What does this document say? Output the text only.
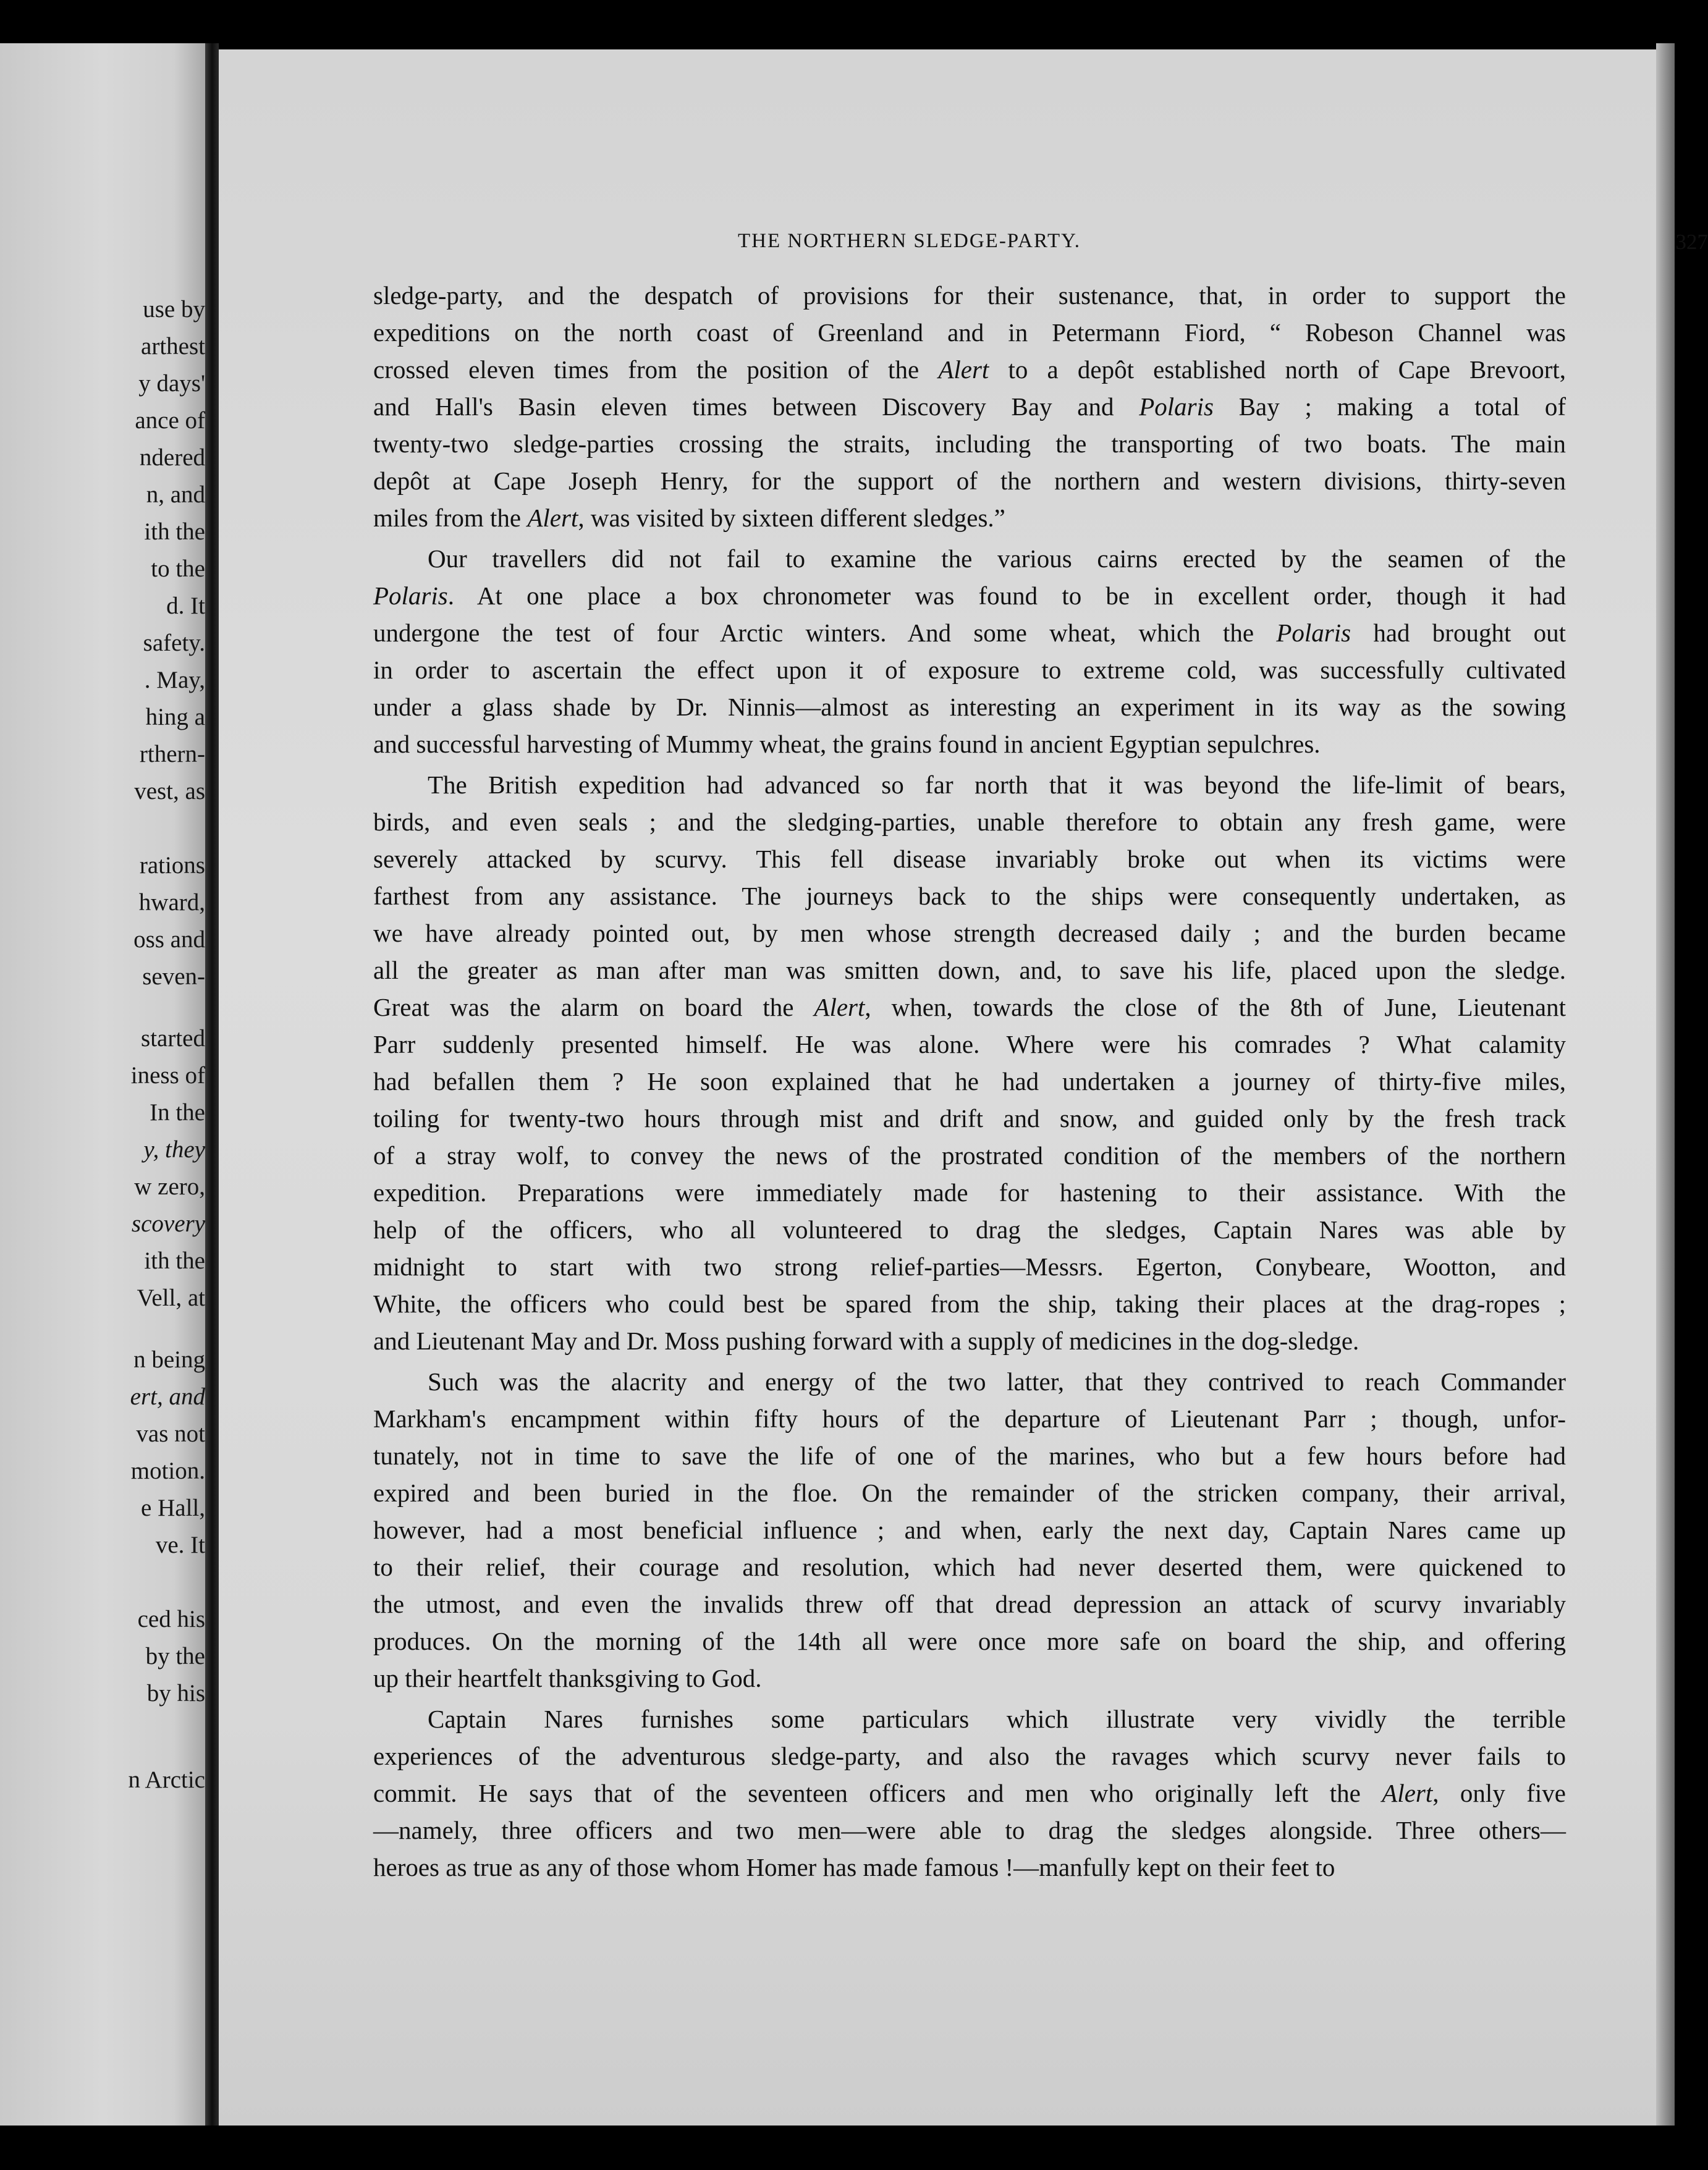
use by
arthest
y days'
ance of
ndered
n, and
ith the
to the
d. It
safety.
. May,
hing a
rthern-
vest, as
rations
hward,
oss and
seven-
started
iness of
In the
y, they
w zero,
scovery
ith the
Vell, at
n being
ert, and
vas not
motion.
e Hall,
ve. It
ced his
by the
by his
n Arctic
THE NORTHERN SLEDGE-PARTY.	327
sledge-party, and the despatch of provisions for their sustenance, that, in order to support the
expeditions on the north coast of Greenland and in Petermann Fiord, “ Robeson Channel was
crossed eleven times from the position of the Alert to a depôt established north of Cape Brevoort,
and Hall's Basin eleven times between Discovery Bay and Polaris Bay ; making a total of
twenty-two sledge-parties crossing the straits, including the transporting of two boats. The main
depôt at Cape Joseph Henry, for the support of the northern and western divisions, thirty-seven
miles from the Alert, was visited by sixteen different sledges.”
Our travellers did not fail to examine the various cairns erected by the seamen of the
Polaris. At one place a box chronometer was found to be in excellent order, though it had
undergone the test of four Arctic winters. And some wheat, which the Polaris had brought out
in order to ascertain the effect upon it of exposure to extreme cold, was successfully cultivated
under a glass shade by Dr. Ninnis—almost as interesting an experiment in its way as the sowing
and successful harvesting of Mummy wheat, the grains found in ancient Egyptian sepulchres.
The British expedition had advanced so far north that it was beyond the life-limit of bears,
birds, and even seals ; and the sledging-parties, unable therefore to obtain any fresh game, were
severely attacked by scurvy. This fell disease invariably broke out when its victims were
farthest from any assistance. The journeys back to the ships were consequently undertaken, as
we have already pointed out, by men whose strength decreased daily ; and the burden became
all the greater as man after man was smitten down, and, to save his life, placed upon the sledge.
Great was the alarm on board the Alert, when, towards the close of the 8th of June, Lieutenant
Parr suddenly presented himself. He was alone. Where were his comrades ? What calamity
had befallen them ? He soon explained that he had undertaken a journey of thirty-five miles,
toiling for twenty-two hours through mist and drift and snow, and guided only by the fresh track
of a stray wolf, to convey the news of the prostrated condition of the members of the northern
expedition. Preparations were immediately made for hastening to their assistance. With the
help of the officers, who all volunteered to drag the sledges, Captain Nares was able by
midnight to start with two strong relief-parties—Messrs. Egerton, Conybeare, Wootton, and
White, the officers who could best be spared from the ship, taking their places at the drag-ropes ;
and Lieutenant May and Dr. Moss pushing forward with a supply of medicines in the dog-sledge.
Such was the alacrity and energy of the two latter, that they contrived to reach Commander
Markham's encampment within fifty hours of the departure of Lieutenant Parr ; though, unfor-
tunately, not in time to save the life of one of the marines, who but a few hours before had
expired and been buried in the floe. On the remainder of the stricken company, their arrival,
however, had a most beneficial influence ; and when, early the next day, Captain Nares came up
to their relief, their courage and resolution, which had never deserted them, were quickened to
the utmost, and even the invalids threw off that dread depression an attack of scurvy invariably
produces. On the morning of the 14th all were once more safe on board the ship, and offering
up their heartfelt thanksgiving to God.
Captain Nares furnishes some particulars which illustrate very vividly the terrible
experiences of the adventurous sledge-party, and also the ravages which scurvy never fails to
commit. He says that of the seventeen officers and men who originally left the Alert, only five
—namely, three officers and two men—were able to drag the sledges alongside. Three others—
heroes as true as any of those whom Homer has made famous !—manfully kept on their feet to
